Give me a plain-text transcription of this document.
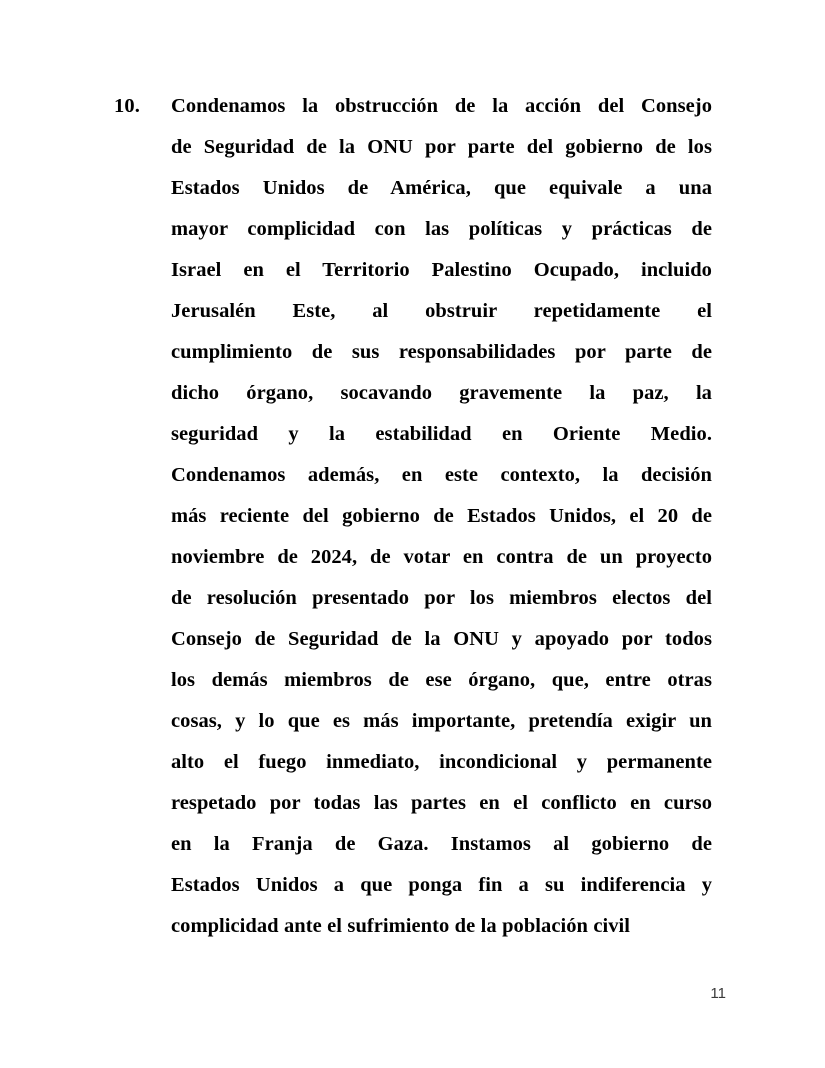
10.	Condenamos la obstrucción de la acción del Consejo
de Seguridad de la ONU por parte del gobierno de los
Estados Unidos de América, que equivale a una
mayor complicidad con las políticas y prácticas de
Israel en el Territorio Palestino Ocupado, incluido
Jerusalén Este, al obstruir repetidamente el
cumplimiento de sus responsabilidades por parte de
dicho órgano, socavando gravemente la paz, la
seguridad y la estabilidad en Oriente Medio.
Condenamos además, en este contexto, la decisión
más reciente del gobierno de Estados Unidos, el 20 de
noviembre de 2024, de votar en contra de un proyecto
de resolución presentado por los miembros electos del
Consejo de Seguridad de la ONU y apoyado por todos
los demás miembros de ese órgano, que, entre otras
cosas, y lo que es más importante, pretendía exigir un
alto el fuego inmediato, incondicional y permanente
respetado por todas las partes en el conflicto en curso
en la Franja de Gaza. Instamos al gobierno de
Estados Unidos a que ponga fin a su indiferencia y
complicidad ante el sufrimiento de la población civil
11
